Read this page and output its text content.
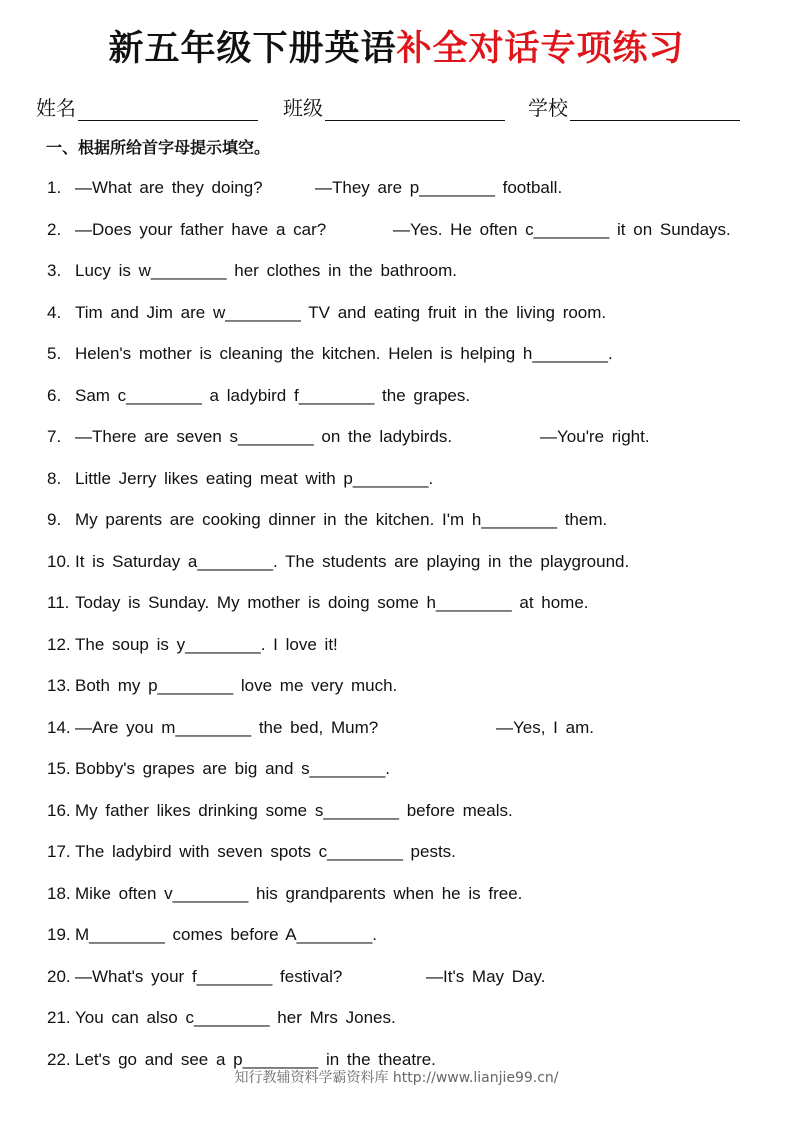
新五年级下册英语补全对话专项练习
姓名	班级	学校
一、根据所给首字母提示填空。
1. —What are they doing?	—They are p________ football.
2. —Does your father have a car?	—Yes. He often c________ it on Sundays.
3. Lucy is w________ her clothes in the bathroom.
4. Tim and Jim are w________ TV and eating fruit in the living room.
5. Helen's mother is cleaning the kitchen. Helen is helping h________.
6. Sam c________ a ladybird f________ the grapes.
7. —There are seven s________ on the ladybirds.	—You're right.
8. Little Jerry likes eating meat with p________.
9. My parents are cooking dinner in the kitchen. I'm h________ them.
10. It is Saturday a________. The students are playing in the playground.
11. Today is Sunday. My mother is doing some h________ at home.
12. The soup is y________. I love it!
13. Both my p________ love me very much.
14. —Are you m________ the bed, Mum?	—Yes, I am.
15. Bobby's grapes are big and s________.
16. My father likes drinking some s________ before meals.
17. The ladybird with seven spots c________ pests.
18. Mike often v________ his grandparents when he is free.
19. M________ comes before A________.
20. —What's your f________ festival?	—It's May Day.
21. You can also c________ her Mrs Jones.
22. Let's go and see a p________ in the theatre.
知行教辅资料学霸资料库 http://www.lianjie99.cn/
